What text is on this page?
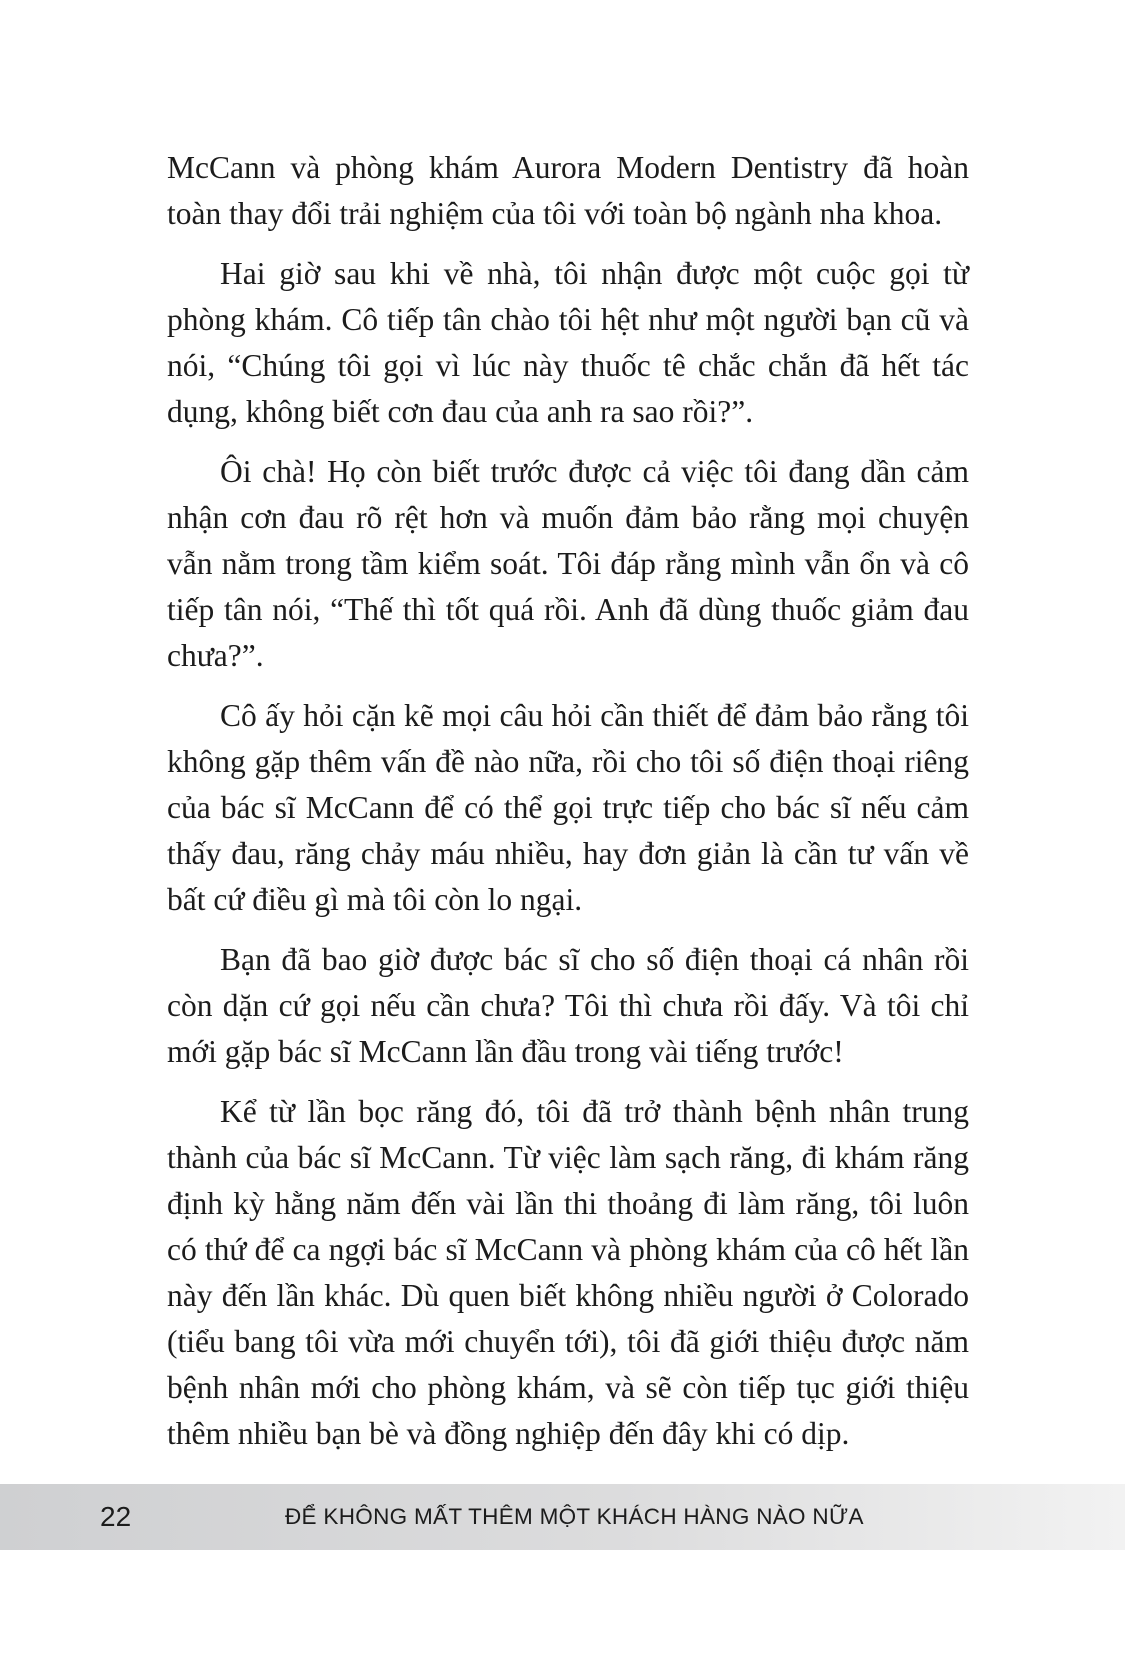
McCann và phòng khám Aurora Modern Dentistry đã hoàn toàn thay đổi trải nghiệm của tôi với toàn bộ ngành nha khoa.

Hai giờ sau khi về nhà, tôi nhận được một cuộc gọi từ phòng khám. Cô tiếp tân chào tôi hệt như một người bạn cũ và nói, “Chúng tôi gọi vì lúc này thuốc tê chắc chắn đã hết tác dụng, không biết cơn đau của anh ra sao rồi?”.

Ôi chà! Họ còn biết trước được cả việc tôi đang dần cảm nhận cơn đau rõ rệt hơn và muốn đảm bảo rằng mọi chuyện vẫn nằm trong tầm kiểm soát. Tôi đáp rằng mình vẫn ổn và cô tiếp tân nói, “Thế thì tốt quá rồi. Anh đã dùng thuốc giảm đau chưa?”.

Cô ấy hỏi cặn kẽ mọi câu hỏi cần thiết để đảm bảo rằng tôi không gặp thêm vấn đề nào nữa, rồi cho tôi số điện thoại riêng của bác sĩ McCann để có thể gọi trực tiếp cho bác sĩ nếu cảm thấy đau, răng chảy máu nhiều, hay đơn giản là cần tư vấn về bất cứ điều gì mà tôi còn lo ngại.

Bạn đã bao giờ được bác sĩ cho số điện thoại cá nhân rồi còn dặn cứ gọi nếu cần chưa? Tôi thì chưa rồi đấy. Và tôi chỉ mới gặp bác sĩ McCann lần đầu trong vài tiếng trước!

Kể từ lần bọc răng đó, tôi đã trở thành bệnh nhân trung thành của bác sĩ McCann. Từ việc làm sạch răng, đi khám răng định kỳ hằng năm đến vài lần thi thoảng đi làm răng, tôi luôn có thứ để ca ngợi bác sĩ McCann và phòng khám của cô hết lần này đến lần khác. Dù quen biết không nhiều người ở Colorado (tiểu bang tôi vừa mới chuyển tới), tôi đã giới thiệu được năm bệnh nhân mới cho phòng khám, và sẽ còn tiếp tục giới thiệu thêm nhiều bạn bè và đồng nghiệp đến đây khi có dịp.

22	ĐỂ KHÔNG MẤT THÊM MỘT KHÁCH HÀNG NÀO NỮA
